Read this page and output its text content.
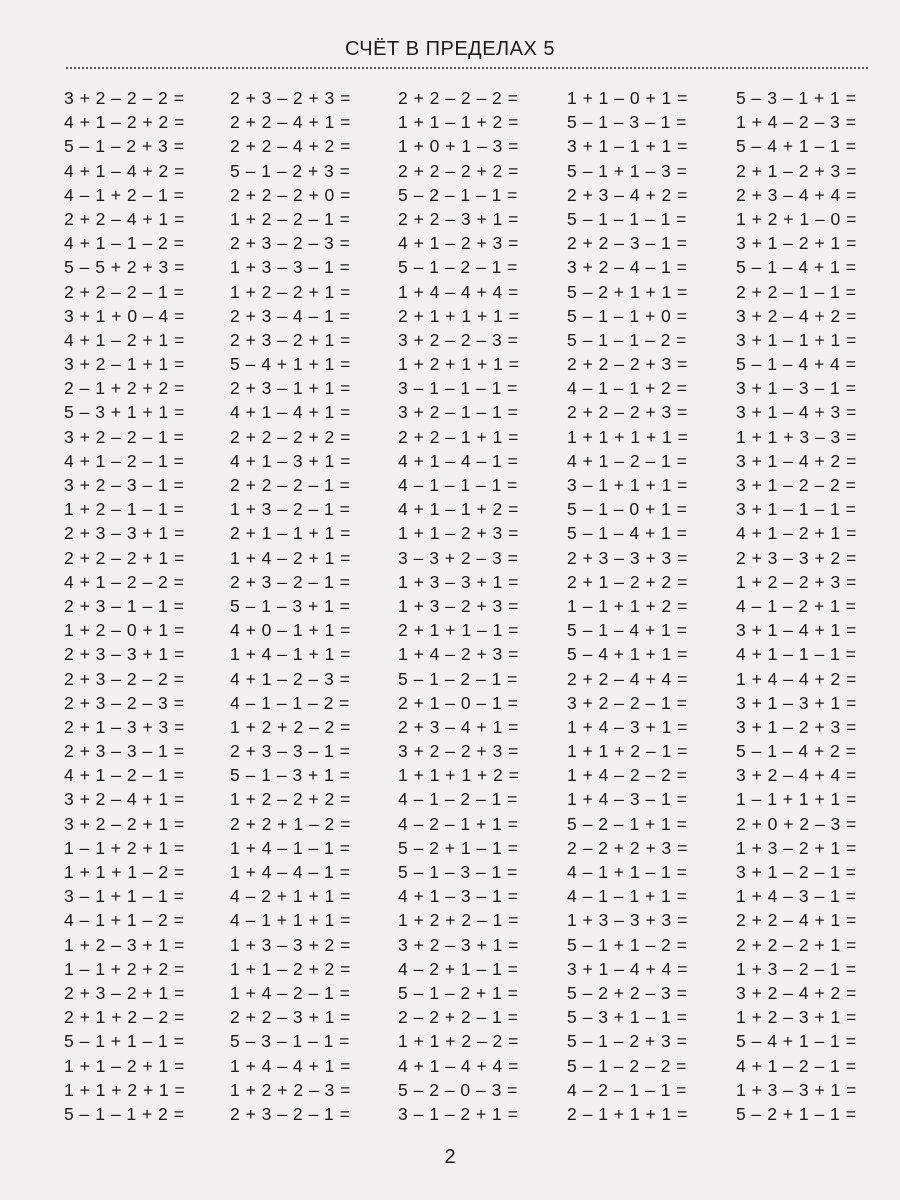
СЧЁТ В ПРЕДЕЛАХ 5
3 + 2 – 2 – 2 =
4 + 1 – 2 + 2 =
5 – 1 – 2 + 3 =
4 + 1 – 4 + 2 =
4 – 1 + 2 – 1 =
2 + 2 – 4 + 1 =
4 + 1 – 1 – 2 =
5 – 5 + 2 + 3 =
2 + 2 – 2 – 1 =
3 + 1 + 0 – 4 =
4 + 1 – 2 + 1 =
3 + 2 – 1 + 1 =
2 – 1 + 2 + 2 =
5 – 3 + 1 + 1 =
3 + 2 – 2 – 1 =
4 + 1 – 2 – 1 =
3 + 2 – 3 – 1 =
1 + 2 – 1 – 1 =
2 + 3 – 3 + 1 =
2 + 2 – 2 + 1 =
4 + 1 – 2 – 2 =
2 + 3 – 1 – 1 =
1 + 2 – 0 + 1 =
2 + 3 – 3 + 1 =
2 + 3 – 2 – 2 =
2 + 3 – 2 – 3 =
2 + 1 – 3 + 3 =
2 + 3 – 3 – 1 =
4 + 1 – 2 – 1 =
3 + 2 – 4 + 1 =
3 + 2 – 2 + 1 =
1 – 1 + 2 + 1 =
1 + 1 + 1 – 2 =
3 – 1 + 1 – 1 =
4 – 1 + 1 – 2 =
1 + 2 – 3 + 1 =
1 – 1 + 2 + 2 =
2 + 3 – 2 + 1 =
2 + 1 + 2 – 2 =
5 – 1 + 1 – 1 =
1 + 1 – 2 + 1 =
1 + 1 + 2 + 1 =
5 – 1 – 1 + 2 =
2 + 3 – 2 + 3 =
2 + 2 – 4 + 1 =
2 + 2 – 4 + 2 =
5 – 1 – 2 + 3 =
2 + 2 – 2 + 0 =
1 + 2 – 2 – 1 =
2 + 3 – 2 – 3 =
1 + 3 – 3 – 1 =
1 + 2 – 2 + 1 =
2 + 3 – 4 – 1 =
2 + 3 – 2 + 1 =
5 – 4 + 1 + 1 =
2 + 3 – 1 + 1 =
4 + 1 – 4 + 1 =
2 + 2 – 2 + 2 =
4 + 1 – 3 + 1 =
2 + 2 – 2 – 1 =
1 + 3 – 2 – 1 =
2 + 1 – 1 + 1 =
1 + 4 – 2 + 1 =
2 + 3 – 2 – 1 =
5 – 1 – 3 + 1 =
4 + 0 – 1 + 1 =
1 + 4 – 1 + 1 =
4 + 1 – 2 – 3 =
4 – 1 – 1 – 2 =
1 + 2 + 2 – 2 =
2 + 3 – 3 – 1 =
5 – 1 – 3 + 1 =
1 + 2 – 2 + 2 =
2 + 2 + 1 – 2 =
1 + 4 – 1 – 1 =
1 + 4 – 4 – 1 =
4 – 2 + 1 + 1 =
4 – 1 + 1 + 1 =
1 + 3 – 3 + 2 =
1 + 1 – 2 + 2 =
1 + 4 – 2 – 1 =
2 + 2 – 3 + 1 =
5 – 3 – 1 – 1 =
1 + 4 – 4 + 1 =
1 + 2 + 2 – 3 =
2 + 3 – 2 – 1 =
2 + 2 – 2 – 2 =
1 + 1 – 1 + 2 =
1 + 0 + 1 – 3 =
2 + 2 – 2 + 2 =
5 – 2 – 1 – 1 =
2 + 2 – 3 + 1 =
4 + 1 – 2 + 3 =
5 – 1 – 2 – 1 =
1 + 4 – 4 + 4 =
2 + 1 + 1 + 1 =
3 + 2 – 2 – 3 =
1 + 2 + 1 + 1 =
3 – 1 – 1 – 1 =
3 + 2 – 1 – 1 =
2 + 2 – 1 + 1 =
4 + 1 – 4 – 1 =
4 – 1 – 1 – 1 =
4 + 1 – 1 + 2 =
1 + 1 – 2 + 3 =
3 – 3 + 2 – 3 =
1 + 3 – 3 + 1 =
1 + 3 – 2 + 3 =
2 + 1 + 1 – 1 =
1 + 4 – 2 + 3 =
5 – 1 – 2 – 1 =
2 + 1 – 0 – 1 =
2 + 3 – 4 + 1 =
3 + 2 – 2 + 3 =
1 + 1 + 1 + 2 =
4 – 1 – 2 – 1 =
4 – 2 – 1 + 1 =
5 – 2 + 1 – 1 =
5 – 1 – 3 – 1 =
4 + 1 – 3 – 1 =
1 + 2 + 2 – 1 =
3 + 2 – 3 + 1 =
4 – 2 + 1 – 1 =
5 – 1 – 2 + 1 =
2 – 2 + 2 – 1 =
1 + 1 + 2 – 2 =
4 + 1 – 4 + 4 =
5 – 2 – 0 – 3 =
3 – 1 – 2 + 1 =
1 + 1 – 0 + 1 =
5 – 1 – 3 – 1 =
3 + 1 – 1 + 1 =
5 – 1 + 1 – 3 =
2 + 3 – 4 + 2 =
5 – 1 – 1 – 1 =
2 + 2 – 3 – 1 =
3 + 2 – 4 – 1 =
5 – 2 + 1 + 1 =
5 – 1 – 1 + 0 =
5 – 1 – 1 – 2 =
2 + 2 – 2 + 3 =
4 – 1 – 1 + 2 =
2 + 2 – 2 + 3 =
1 + 1 + 1 + 1 =
4 + 1 – 2 – 1 =
3 – 1 + 1 + 1 =
5 – 1 – 0 + 1 =
5 – 1 – 4 + 1 =
2 + 3 – 3 + 3 =
2 + 1 – 2 + 2 =
1 – 1 + 1 + 2 =
5 – 1 – 4 + 1 =
5 – 4 + 1 + 1 =
2 + 2 – 4 + 4 =
3 + 2 – 2 – 1 =
1 + 4 – 3 + 1 =
1 + 1 + 2 – 1 =
1 + 4 – 2 – 2 =
1 + 4 – 3 – 1 =
5 – 2 – 1 + 1 =
2 – 2 + 2 + 3 =
4 – 1 + 1 – 1 =
4 – 1 – 1 + 1 =
1 + 3 – 3 + 3 =
5 – 1 + 1 – 2 =
3 + 1 – 4 + 4 =
5 – 2 + 2 – 3 =
5 – 3 + 1 – 1 =
5 – 1 – 2 + 3 =
5 – 1 – 2 – 2 =
4 – 2 – 1 – 1 =
2 – 1 + 1 + 1 =
5 – 3 – 1 + 1 =
1 + 4 – 2 – 3 =
5 – 4 + 1 – 1 =
2 + 1 – 2 + 3 =
2 + 3 – 4 + 4 =
1 + 2 + 1 – 0 =
3 + 1 – 2 + 1 =
5 – 1 – 4 + 1 =
2 + 2 – 1 – 1 =
3 + 2 – 4 + 2 =
3 + 1 – 1 + 1 =
5 – 1 – 4 + 4 =
3 + 1 – 3 – 1 =
3 + 1 – 4 + 3 =
1 + 1 + 3 – 3 =
3 + 1 – 4 + 2 =
3 + 1 – 2 – 2 =
3 + 1 – 1 – 1 =
4 + 1 – 2 + 1 =
2 + 3 – 3 + 2 =
1 + 2 – 2 + 3 =
4 – 1 – 2 + 1 =
3 + 1 – 4 + 1 =
4 + 1 – 1 – 1 =
1 + 4 – 4 + 2 =
3 + 1 – 3 + 1 =
3 + 1 – 2 + 3 =
5 – 1 – 4 + 2 =
3 + 2 – 4 + 4 =
1 – 1 + 1 + 1 =
2 + 0 + 2 – 3 =
1 + 3 – 2 + 1 =
3 + 1 – 2 – 1 =
1 + 4 – 3 – 1 =
2 + 2 – 4 + 1 =
2 + 2 – 2 + 1 =
1 + 3 – 2 – 1 =
3 + 2 – 4 + 2 =
1 + 2 – 3 + 1 =
5 – 4 + 1 – 1 =
4 + 1 – 2 – 1 =
1 + 3 – 3 + 1 =
5 – 2 + 1 – 1 =
2
